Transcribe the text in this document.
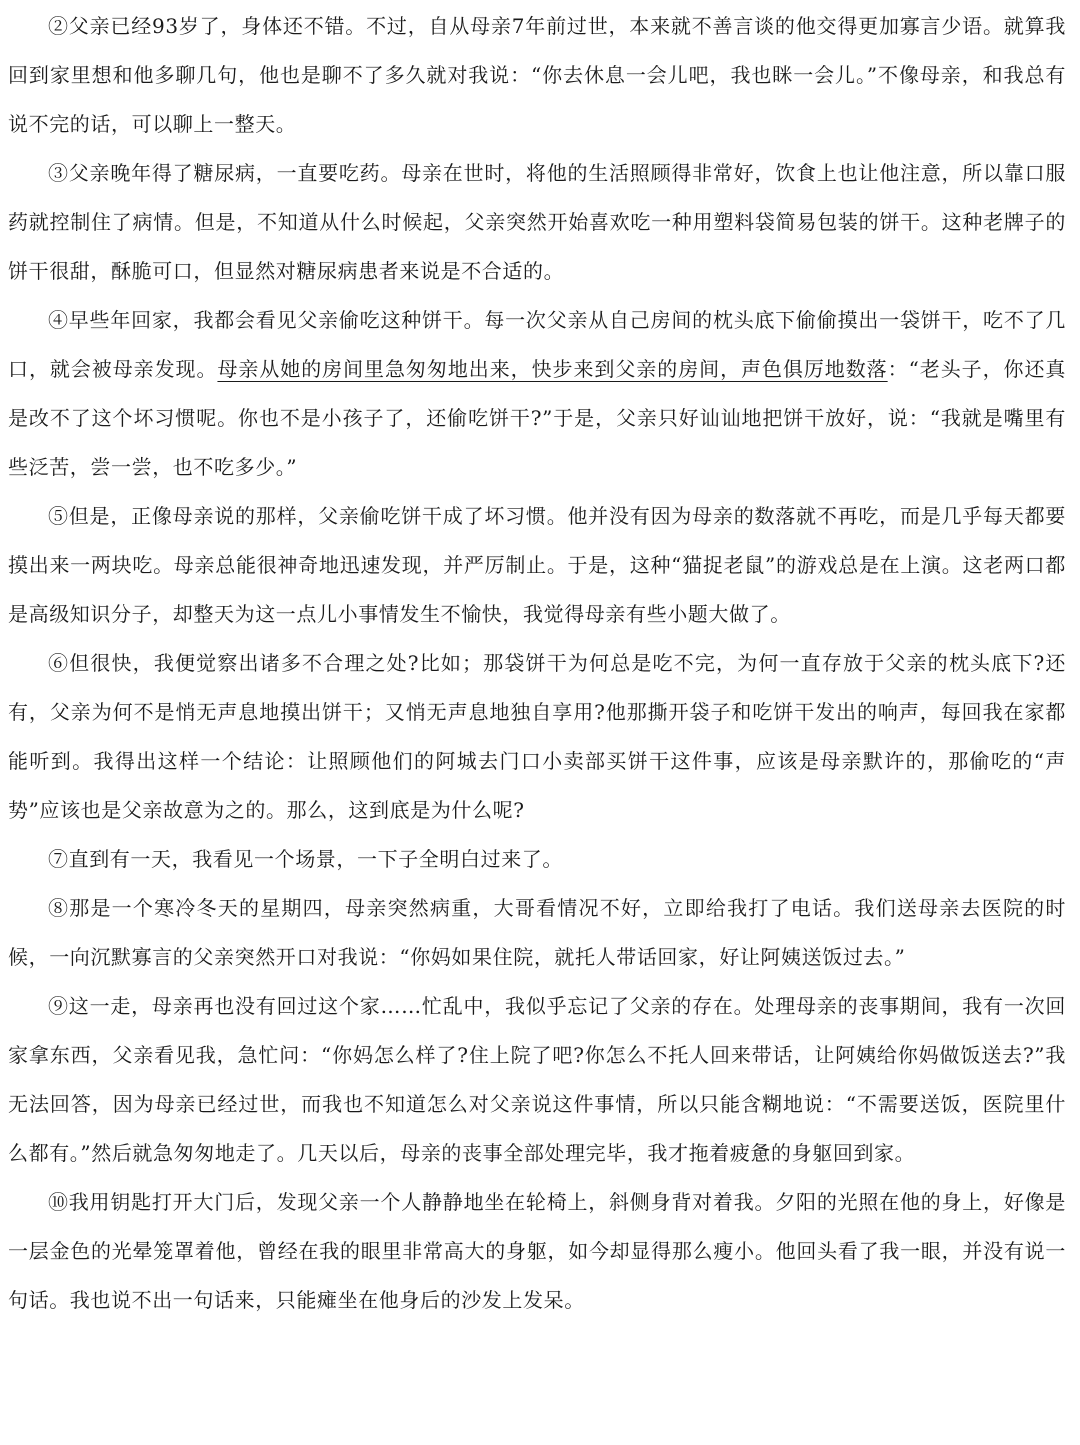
②父亲已经93岁了，身体还不错。不过，自从母亲7年前过世，本来就不善言谈的他交得更加寡言少语。就算我回到家里想和他多聊几句，他也是聊不了多久就对我说：“你去休息一会儿吧，我也眯一会儿。”不像母亲，和我总有说不完的话，可以聊上一整天。

③父亲晚年得了糖尿病，一直要吃药。母亲在世时，将他的生活照顾得非常好，饮食上也让他注意，所以靠口服药就控制住了病情。但是，不知道从什么时候起，父亲突然开始喜欢吃一种用塑料袋简易包装的饼干。这种老牌子的饼干很甜，酥脆可口，但显然对糖尿病患者来说是不合适的。

④早些年回家，我都会看见父亲偷吃这种饼干。每一次父亲从自己房间的枕头底下偷偷摸出一袋饼干，吃不了几口，就会被母亲发现。母亲从她的房间里急匆匆地出来，快步来到父亲的房间，声色俱厉地数落：“老头子，你还真是改不了这个坏习惯呢。你也不是小孩子了，还偷吃饼干?”于是，父亲只好讪讪地把饼干放好，说：“我就是嘴里有些泛苦，尝一尝，也不吃多少。”

⑤但是，正像母亲说的那样，父亲偷吃饼干成了坏习惯。他并没有因为母亲的数落就不再吃，而是几乎每天都要摸出来一两块吃。母亲总能很神奇地迅速发现，并严厉制止。于是，这种“猫捉老鼠”的游戏总是在上演。这老两口都是高级知识分子，却整天为这一点儿小事情发生不愉快，我觉得母亲有些小题大做了。

⑥但很快，我便觉察出诸多不合理之处?比如；那袋饼干为何总是吃不完，为何一直存放于父亲的枕头底下?还有，父亲为何不是悄无声息地摸出饼干；又悄无声息地独自享用?他那撕开袋子和吃饼干发出的响声，每回我在家都能听到。我得出这样一个结论：让照顾他们的阿城去门口小卖部买饼干这件事，应该是母亲默许的，那偷吃的“声势”应该也是父亲故意为之的。那么，这到底是为什么呢?

⑦直到有一天，我看见一个场景，一下子全明白过来了。

⑧那是一个寒冷冬天的星期四，母亲突然病重，大哥看情况不好，立即给我打了电话。我们送母亲去医院的时候，一向沉默寡言的父亲突然开口对我说：“你妈如果住院，就托人带话回家，好让阿姨送饭过去。”

⑨这一走，母亲再也没有回过这个家……忙乱中，我似乎忘记了父亲的存在。处理母亲的丧事期间，我有一次回家拿东西，父亲看见我，急忙问：“你妈怎么样了?住上院了吧?你怎么不托人回来带话，让阿姨给你妈做饭送去?”我无法回答，因为母亲已经过世，而我也不知道怎么对父亲说这件事情，所以只能含糊地说：“不需要送饭，医院里什么都有。”然后就急匆匆地走了。几天以后，母亲的丧事全部处理完毕，我才拖着疲惫的身躯回到家。

⑩我用钥匙打开大门后，发现父亲一个人静静地坐在轮椅上，斜侧身背对着我。夕阳的光照在他的身上，好像是一层金色的光晕笼罩着他，曾经在我的眼里非常高大的身躯，如今却显得那么瘦小。他回头看了我一眼，并没有说一句话。我也说不出一句话来，只能瘫坐在他身后的沙发上发呆。
